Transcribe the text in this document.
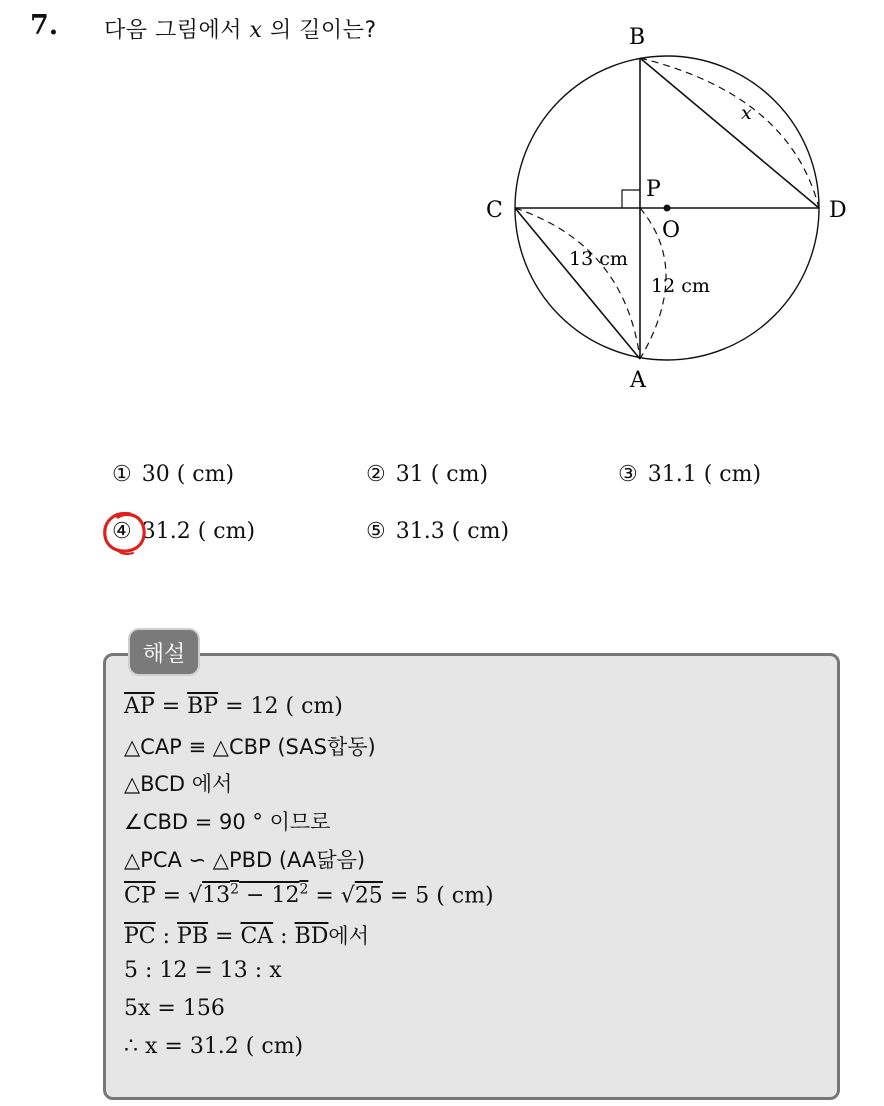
7. 다음 그림에서 x 의 길이는?	B
C	D
P
O
A
x
13 cm
12 cm
① 30 ( cm)	② 31 ( cm)	③ 31.1 ( cm)
④ 31.2 ( cm)	⑤ 31.3 ( cm)
해설
$\overline{AP} = \overline{BP} = 12$ ( cm)
△CAP ≡ △CBP (SAS합동)
△BCD 에서
∠CBD = 90 ° 이므로
△PCA ∽ △PBD (AA닮음)
$\overline{CP} = √13^2 - 12^2 = √25 = 5$ ( cm)
$\overline{PC}$ : $\overline{PB} = \overline{CA}$ : $\overline{BD}$에서
5 : 12 = 13 : x
5x = 156
∴ x = 31.2 ( cm)
